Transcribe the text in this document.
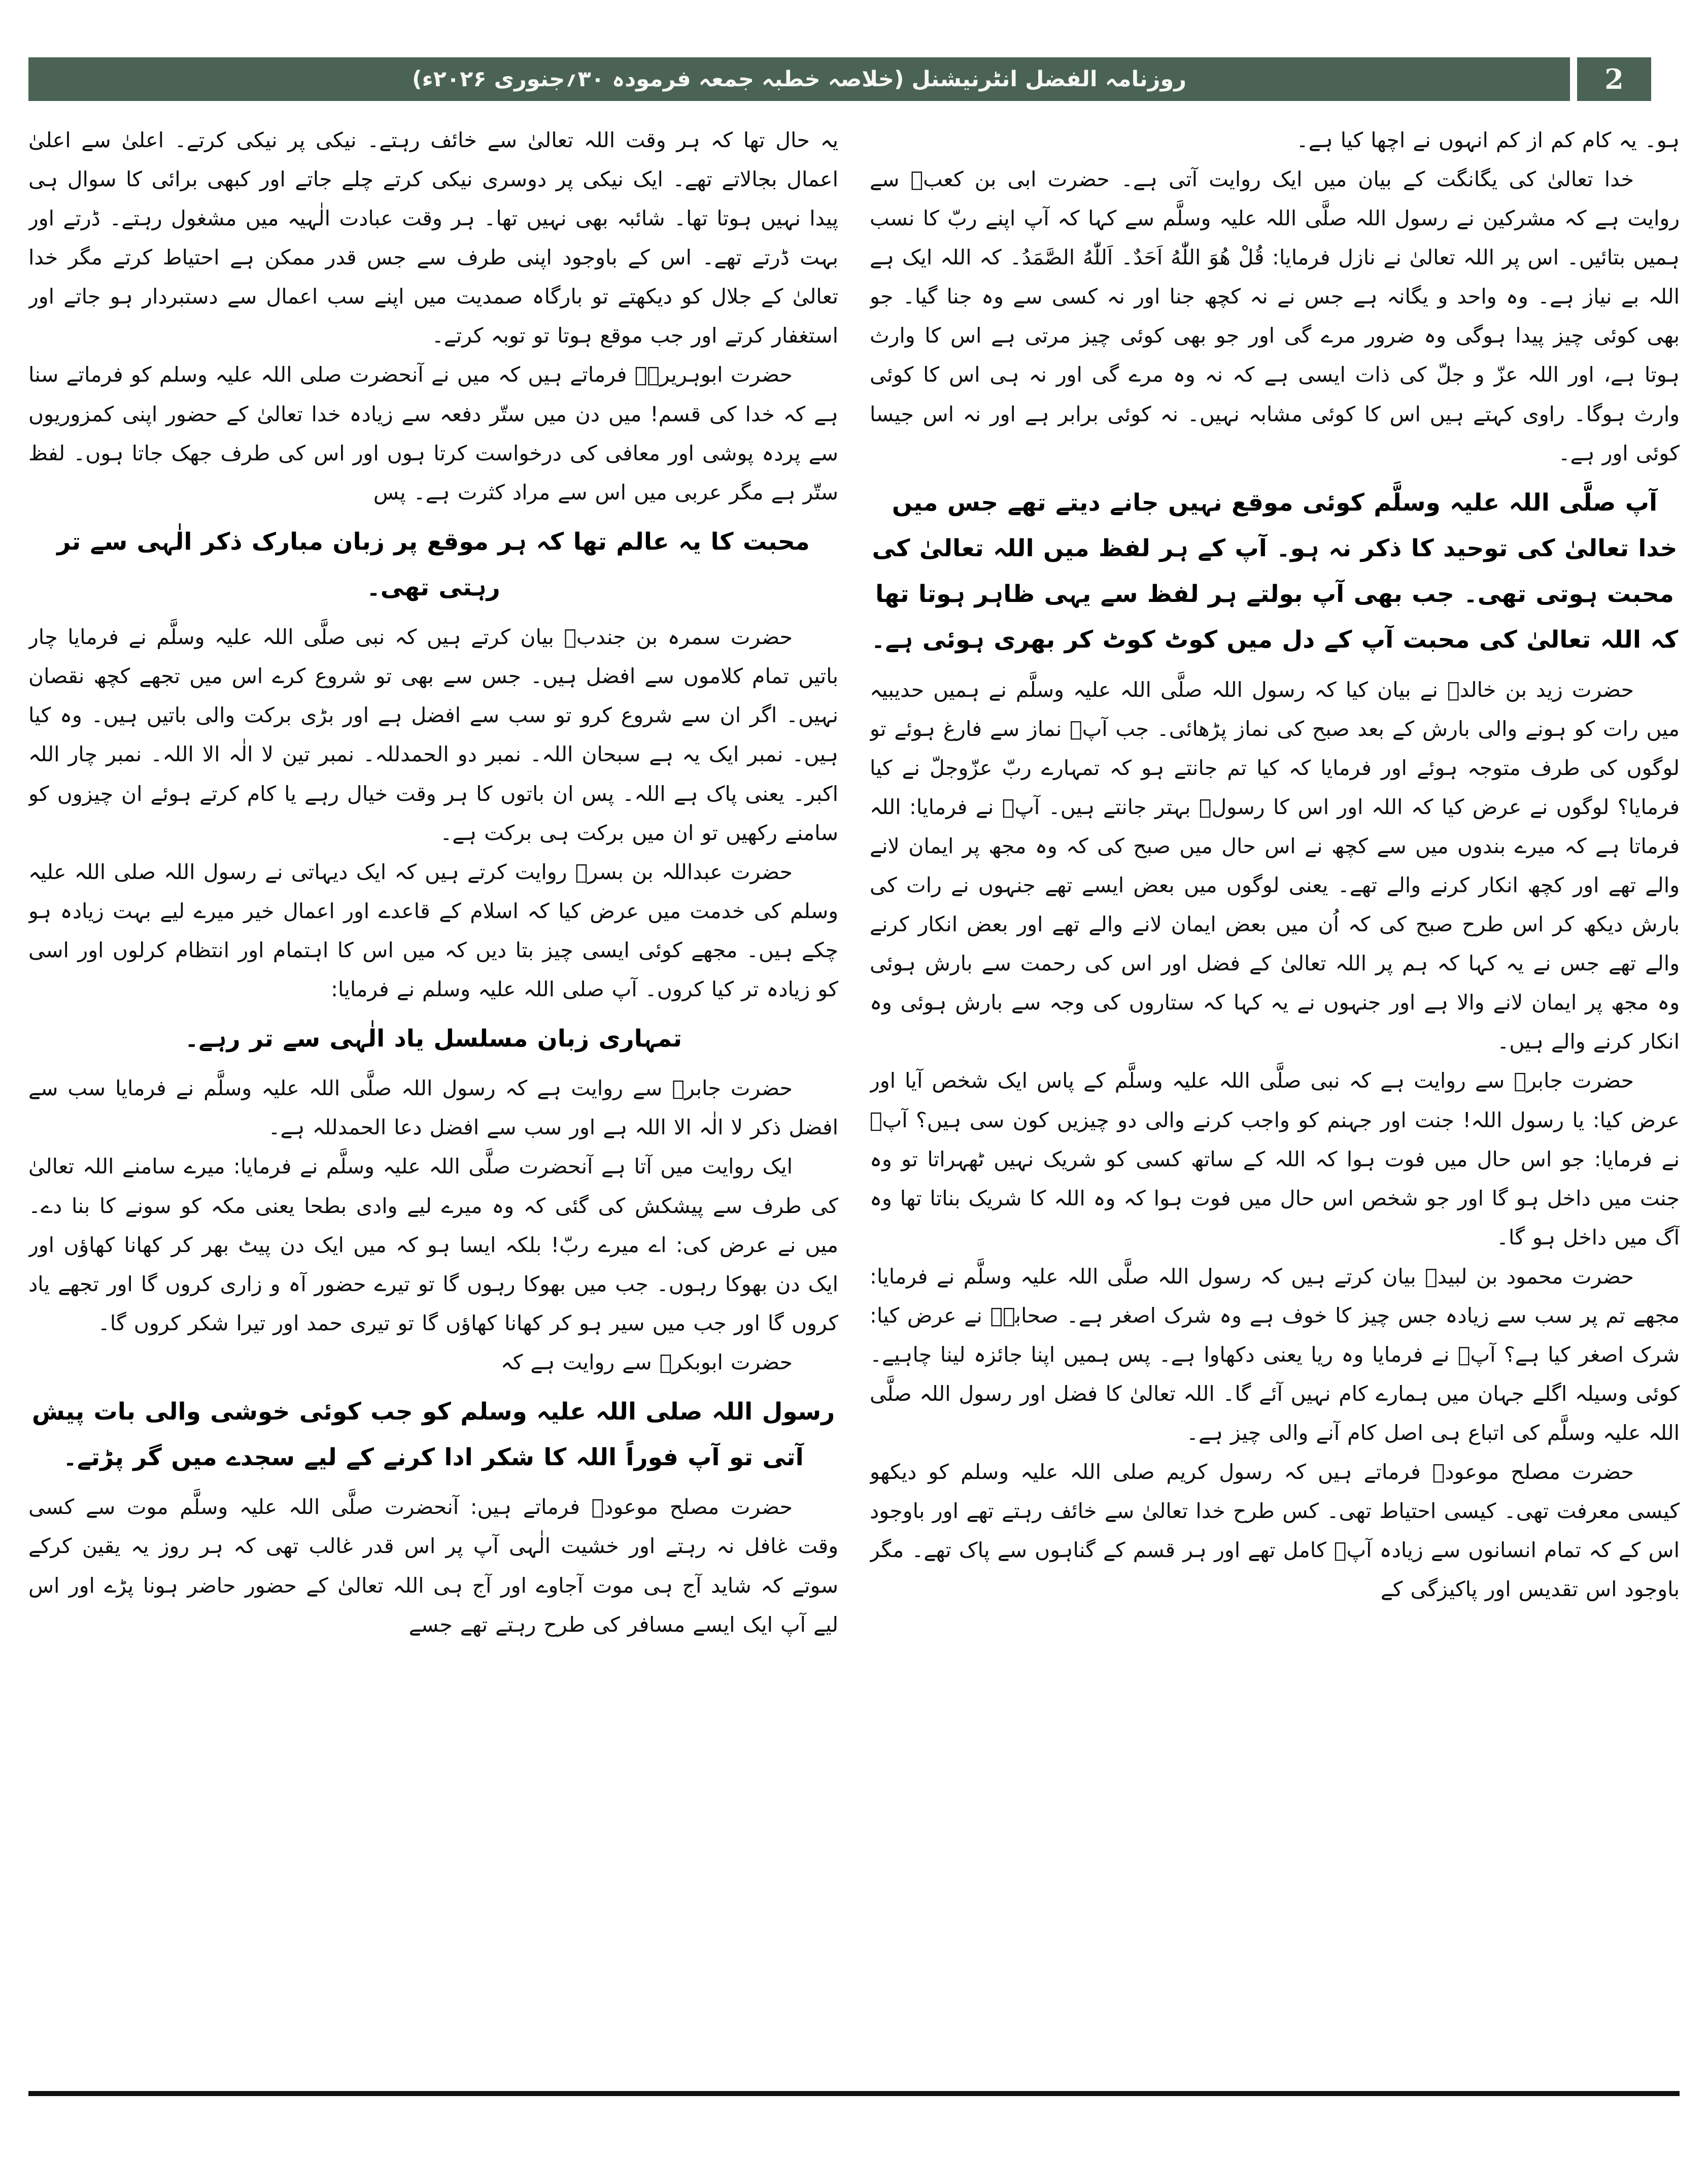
روزنامہ الفضل انٹرنیشنل (خلاصہ خطبہ جمعہ فرمودہ ۳۰؍جنوری ۲۰۲۶ء)	2

ہو۔ یہ کام کم از کم انہوں نے اچھا کیا ہے۔

خدا تعالیٰ کی یگانگت کے بیان میں ایک روایت آتی ہے۔ حضرت ابی بن کعبؓ سے روایت ہے کہ مشرکین نے رسول اللہ صلَّی اللہ علیہ وسلَّم سے کہا کہ آپ اپنے ربّ کا نسب ہمیں بتائیں۔ اس پر اللہ تعالیٰ نے نازل فرمایا: قُلْ هُوَ اللّٰهُ اَحَدٌ۔ اَللّٰهُ الصَّمَدُ۔ کہ اللہ ایک ہے اللہ بے نیاز ہے۔ وہ واحد و یگانہ ہے جس نے نہ کچھ جنا اور نہ کسی سے وہ جنا گیا۔ جو بھی کوئی چیز پیدا ہوگی وہ ضرور مرے گی اور جو بھی کوئی چیز مرتی ہے اس کا وارث ہوتا ہے، اور اللہ عزّ و جلّ کی ذات ایسی ہے کہ نہ وہ مرے گی اور نہ ہی اس کا کوئی وارث ہوگا۔ راوی کہتے ہیں اس کا کوئی مشابہ نہیں۔ نہ کوئی برابر ہے اور نہ اس جیسا کوئی اور ہے۔

آپ صلَّی اللہ علیہ وسلَّم کوئی موقع نہیں جانے دیتے تھے جس میں خدا تعالیٰ کی توحید کا ذکر نہ ہو۔ آپ کے ہر لفظ میں اللہ تعالیٰ کی محبت ہوتی تھی۔ جب بھی آپ بولتے ہر لفظ سے یہی ظاہر ہوتا تھا کہ اللہ تعالیٰ کی محبت آپ کے دل میں کوٹ کوٹ کر بھری ہوئی ہے۔

حضرت زید بن خالدؓ نے بیان کیا کہ رسول اللہ صلَّی اللہ علیہ وسلَّم نے ہمیں حدیبیہ میں رات کو ہونے والی بارش کے بعد صبح کی نماز پڑھائی۔ جب آپؐ نماز سے فارغ ہوئے تو لوگوں کی طرف متوجہ ہوئے اور فرمایا کہ کیا تم جانتے ہو کہ تمہارے ربّ عزّوجلّ نے کیا فرمایا؟ لوگوں نے عرض کیا کہ اللہ اور اس کا رسولؐ بہتر جانتے ہیں۔ آپؐ نے فرمایا: اللہ فرماتا ہے کہ میرے بندوں میں سے کچھ نے اس حال میں صبح کی کہ وہ مجھ پر ایمان لانے والے تھے اور کچھ انکار کرنے والے تھے۔ یعنی لوگوں میں بعض ایسے تھے جنہوں نے رات کی بارش دیکھ کر اس طرح صبح کی کہ اُن میں بعض ایمان لانے والے تھے اور بعض انکار کرنے والے تھے جس نے یہ کہا کہ ہم پر اللہ تعالیٰ کے فضل اور اس کی رحمت سے بارش ہوئی وہ مجھ پر ایمان لانے والا ہے اور جنہوں نے یہ کہا کہ ستاروں کی وجہ سے بارش ہوئی وہ انکار کرنے والے ہیں۔

حضرت جابرؓ سے روایت ہے کہ نبی صلَّی اللہ علیہ وسلَّم کے پاس ایک شخص آیا اور عرض کیا: یا رسول اللہ! جنت اور جہنم کو واجب کرنے والی دو چیزیں کون سی ہیں؟ آپؐ نے فرمایا: جو اس حال میں فوت ہوا کہ اللہ کے ساتھ کسی کو شریک نہیں ٹھہراتا تو وہ جنت میں داخل ہو گا اور جو شخص اس حال میں فوت ہوا کہ وہ اللہ کا شریک بناتا تھا وہ آگ میں داخل ہو گا۔

حضرت محمود بن لبیدؓ بیان کرتے ہیں کہ رسول اللہ صلَّی اللہ علیہ وسلَّم نے فرمایا: مجھے تم پر سب سے زیادہ جس چیز کا خوف ہے وہ شرک اصغر ہے۔ صحابہؓ نے عرض کیا: شرک اصغر کیا ہے؟ آپؐ نے فرمایا وہ ریا یعنی دکھاوا ہے۔ پس ہمیں اپنا جائزہ لینا چاہیے۔ کوئی وسیلہ اگلے جہان میں ہمارے کام نہیں آئے گا۔ اللہ تعالیٰ کا فضل اور رسول اللہ صلَّی اللہ علیہ وسلَّم کی اتباع ہی اصل کام آنے والی چیز ہے۔

حضرت مصلح موعودؓ فرماتے ہیں کہ رسول کریم صلی اللہ علیہ وسلم کو دیکھو کیسی معرفت تھی۔ کیسی احتیاط تھی۔ کس طرح خدا تعالیٰ سے خائف رہتے تھے اور باوجود اس کے کہ تمام انسانوں سے زیادہ آپؐ کامل تھے اور ہر قسم کے گناہوں سے پاک تھے۔ مگر باوجود اس تقدیس اور پاکیزگی کے

یہ حال تھا کہ ہر وقت اللہ تعالیٰ سے خائف رہتے۔ نیکی پر نیکی کرتے۔ اعلیٰ سے اعلیٰ اعمال بجالاتے تھے۔ ایک نیکی پر دوسری نیکی کرتے چلے جاتے اور کبھی برائی کا سوال ہی پیدا نہیں ہوتا تھا۔ شائبہ بھی نہیں تھا۔ ہر وقت عبادت الٰہیہ میں مشغول رہتے۔ ڈرتے اور بہت ڈرتے تھے۔ اس کے باوجود اپنی طرف سے جس قدر ممکن ہے احتیاط کرتے مگر خدا تعالیٰ کے جلال کو دیکھتے تو بارگاہ صمدیت میں اپنے سب اعمال سے دستبردار ہو جاتے اور استغفار کرتے اور جب موقع ہوتا تو توبہ کرتے۔

حضرت ابوہریرہؓ فرماتے ہیں کہ میں نے آنحضرت صلی اللہ علیہ وسلم کو فرماتے سنا ہے کہ خدا کی قسم! میں دن میں ستّر دفعہ سے زیادہ خدا تعالیٰ کے حضور اپنی کمزوریوں سے پردہ پوشی اور معافی کی درخواست کرتا ہوں اور اس کی طرف جھک جاتا ہوں۔ لفظ ستّر ہے مگر عربی میں اس سے مراد کثرت ہے۔ پس

محبت کا یہ عالم تھا کہ ہر موقع پر زبان مبارک ذکر الٰہی سے تر رہتی تھی۔

حضرت سمرہ بن جندبؓ بیان کرتے ہیں کہ نبی صلَّی اللہ علیہ وسلَّم نے فرمایا چار باتیں تمام کلاموں سے افضل ہیں۔ جس سے بھی تو شروع کرے اس میں تجھے کچھ نقصان نہیں۔ اگر ان سے شروع کرو تو سب سے افضل ہے اور بڑی برکت والی باتیں ہیں۔ وہ کیا ہیں۔ نمبر ایک یہ ہے سبحان اللہ۔ نمبر دو الحمدللہ۔ نمبر تین لا الٰہ الا اللہ۔ نمبر چار اللہ اکبر۔ یعنی پاک ہے اللہ۔ پس ان باتوں کا ہر وقت خیال رہے یا کام کرتے ہوئے ان چیزوں کو سامنے رکھیں تو ان میں برکت ہی برکت ہے۔

حضرت عبداللہ بن بسرؓ روایت کرتے ہیں کہ ایک دیہاتی نے رسول اللہ صلی اللہ علیہ وسلم کی خدمت میں عرض کیا کہ اسلام کے قاعدے اور اعمال خیر میرے لیے بہت زیادہ ہو چکے ہیں۔ مجھے کوئی ایسی چیز بتا دیں کہ میں اس کا اہتمام اور انتظام کرلوں اور اسی کو زیادہ تر کیا کروں۔ آپ صلی اللہ علیہ وسلم نے فرمایا:

تمہاری زبان مسلسل یاد الٰہی سے تر رہے۔

حضرت جابرؓ سے روایت ہے کہ رسول اللہ صلَّی اللہ علیہ وسلَّم نے فرمایا سب سے افضل ذکر لا الٰہ الا اللہ ہے اور سب سے افضل دعا الحمدللہ ہے۔

ایک روایت میں آتا ہے آنحضرت صلَّی اللہ علیہ وسلَّم نے فرمایا: میرے سامنے اللہ تعالیٰ کی طرف سے پیشکش کی گئی کہ وہ میرے لیے وادی بطحا یعنی مکہ کو سونے کا بنا دے۔ میں نے عرض کی: اے میرے ربّ! بلکہ ایسا ہو کہ میں ایک دن پیٹ بھر کر کھانا کھاؤں اور ایک دن بھوکا رہوں۔ جب میں بھوکا رہوں گا تو تیرے حضور آہ و زاری کروں گا اور تجھے یاد کروں گا اور جب میں سیر ہو کر کھانا کھاؤں گا تو تیری حمد اور تیرا شکر کروں گا۔

حضرت ابوبکرؓ سے روایت ہے کہ

رسول اللہ صلی اللہ علیہ وسلم کو جب کوئی خوشی والی بات پیش آتی تو آپ فوراً اللہ کا شکر ادا کرنے کے لیے سجدے میں گر پڑتے۔

حضرت مصلح موعودؓ فرماتے ہیں: آنحضرت صلَّی اللہ علیہ وسلَّم موت سے کسی وقت غافل نہ رہتے اور خشیت الٰہی آپ پر اس قدر غالب تھی کہ ہر روز یہ یقین کرکے سوتے کہ شاید آج ہی موت آجاوے اور آج ہی اللہ تعالیٰ کے حضور حاضر ہونا پڑے اور اس لیے آپ ایک ایسے مسافر کی طرح رہتے تھے جسے
